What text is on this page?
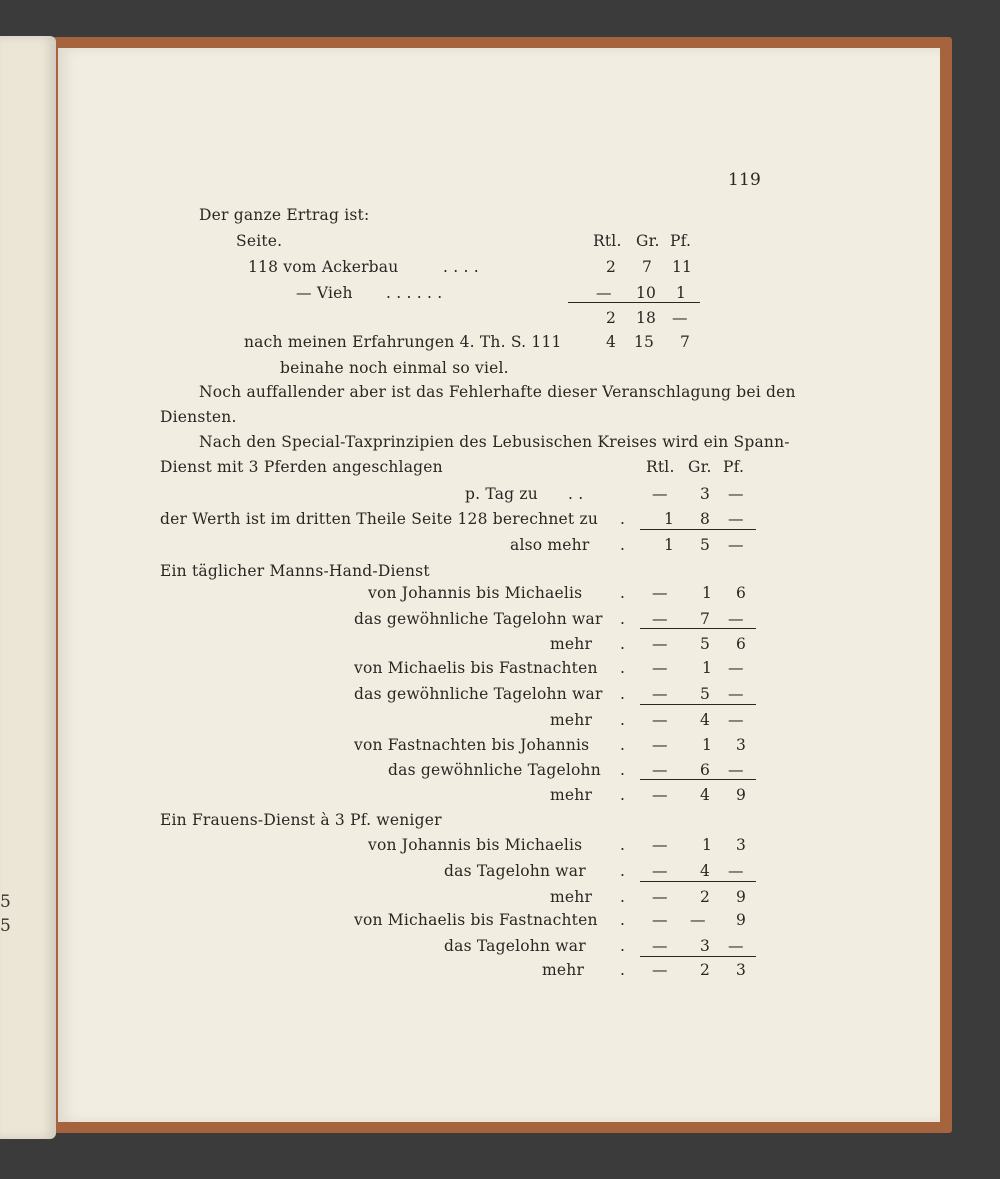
5
5
119
Der ganze Ertrag ist:
Seite.	Rtl. Gr. Pf.
118 vom Ackerbau	. . . .	2 7 11
— Vieh . . . . . .	— 10 1
2 18 —
nach meinen Erfahrungen 4. Th. S. 111	4 15 7
beinahe noch einmal so viel.
Noch auffallender aber ist das Fehlerhafte dieser Veranschlagung bei den
Diensten.
Nach den Special-Taxprinzipien des Lebusischen Kreises wird ein Spann-
Dienst mit 3 Pferden angeschlagen	Rtl. Gr. Pf.
p. Tag zu . .	— 3 —
der Werth ist im dritten Theile Seite 128 berechnet zu .	1 8 —
also mehr .	1 5 —
Ein täglicher Manns-Hand-Dienst
von Johannis bis Michaelis . — 1 6
das gewöhnliche Tagelohn war . — 7 —
mehr . — 5 6
von Michaelis bis Fastnachten . — 1 —
das gewöhnliche Tagelohn war . — 5 —
mehr . — 4 —
von Fastnachten bis Johannis . — 1 3
das gewöhnliche Tagelohn . — 6 —
mehr . — 4 9
Ein Frauens-Dienst à 3 Pf. weniger
von Johannis bis Michaelis . — 1 3
das Tagelohn war . — 4 —
mehr . — 2 9
von Michaelis bis Fastnachten . — — 9
das Tagelohn war . — 3 —
mehr . — 2 3
